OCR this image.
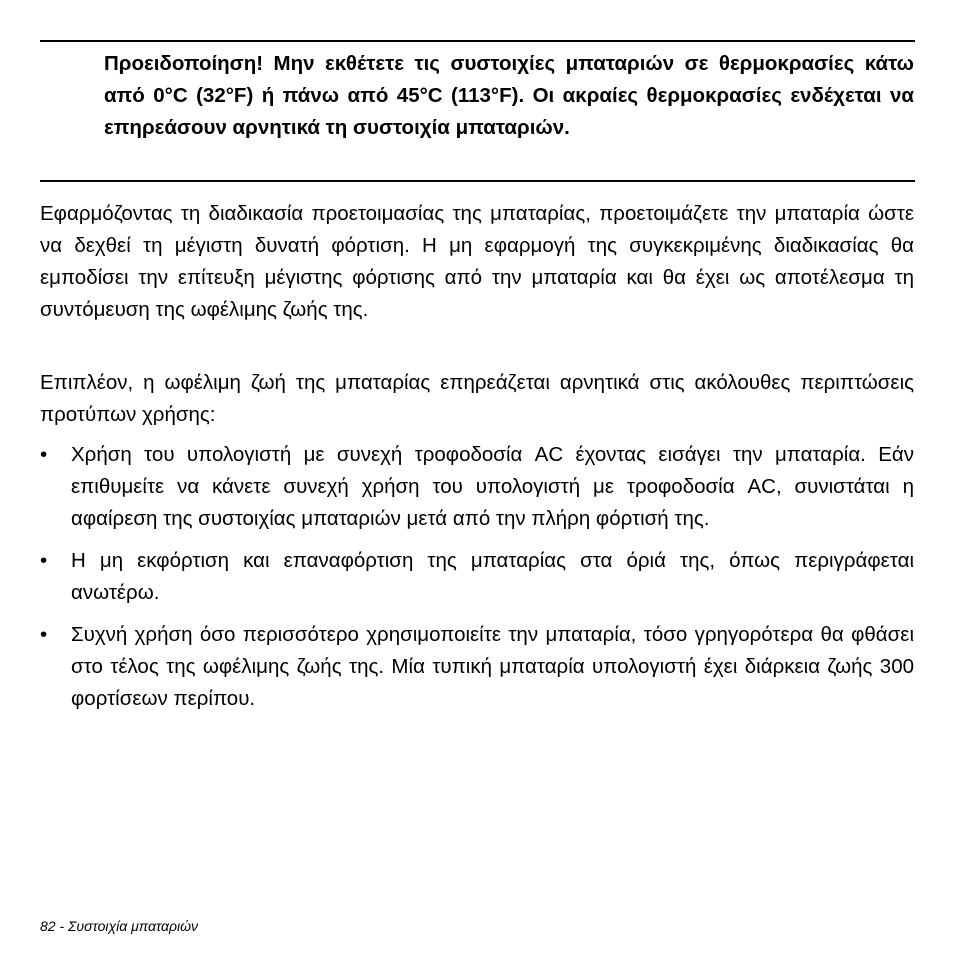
Προειδοποίηση! Μην εκθέτετε τις συστοιχίες μπαταριών σε θερμοκρασίες κάτω από 0°C (32°F) ή πάνω από 45°C (113°F). Οι ακραίες θερμοκρασίες ενδέχεται να επηρεάσουν αρνητικά τη συστοιχία μπαταριών.
Εφαρμόζοντας τη διαδικασία προετοιμασίας της μπαταρίας, προετοιμάζετε την μπαταρία ώστε να δεχθεί τη μέγιστη δυνατή φόρτιση. Η μη εφαρμογή της συγκεκριμένης διαδικασίας θα εμποδίσει την επίτευξη μέγιστης φόρτισης από την μπαταρία και θα έχει ως αποτέλεσμα τη συντόμευση της ωφέλιμης ζωής της.
Επιπλέον, η ωφέλιμη ζωή της μπαταρίας επηρεάζεται αρνητικά στις ακόλουθες περιπτώσεις προτύπων χρήσης:
•	Χρήση του υπολογιστή με συνεχή τροφοδοσία AC έχοντας εισάγει την μπαταρία. Εάν επιθυμείτε να κάνετε συνεχή χρήση του υπολογιστή με τροφοδοσία AC, συνιστάται η αφαίρεση της συστοιχίας μπαταριών μετά από την πλήρη φόρτισή της.
•	Η μη εκφόρτιση και επαναφόρτιση της μπαταρίας στα όριά της, όπως περιγράφεται ανωτέρω.
•	Συχνή χρήση όσο περισσότερο χρησιμοποιείτε την μπαταρία, τόσο γρηγορότερα θα φθάσει στο τέλος της ωφέλιμης ζωής της. Μία τυπική μπαταρία υπολογιστή έχει διάρκεια ζωής 300 φορτίσεων περίπου.
82 - Συστοιχία μπαταριών
